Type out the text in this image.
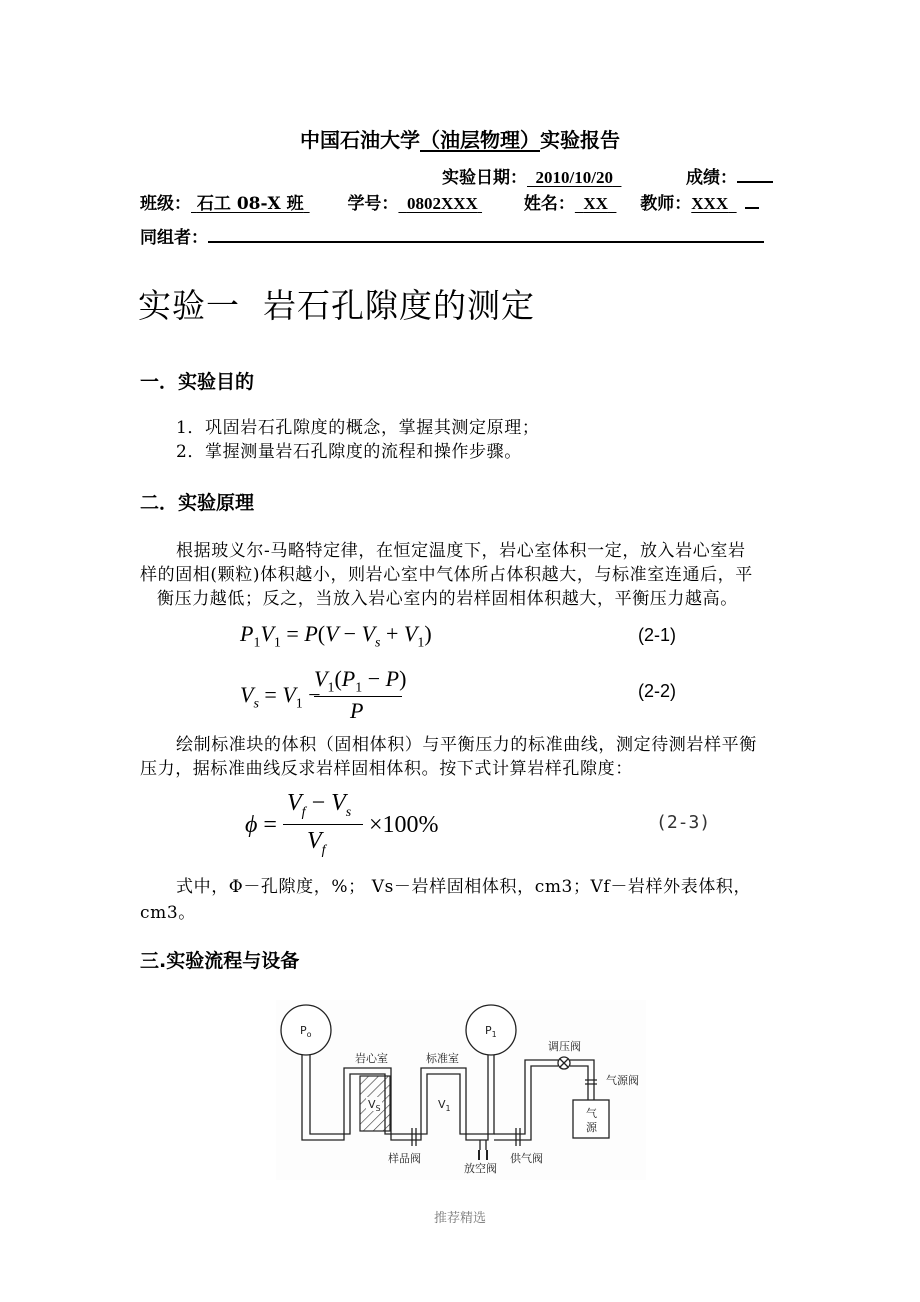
中国石油大学（油层物理）实验报告
实验日期： 2010/10/20	成绩：
班级： 石工 08-X 班	学号： 0802XXX	姓名： XX 教师：XXX
同组者：
实验一  岩石孔隙度的测定
一．实验目的
1．巩固岩石孔隙度的概念，掌握其测定原理；
2．掌握测量岩石孔隙度的流程和操作步骤。
二．实验原理
根据玻义尔-马略特定律，在恒定温度下，岩心室体积一定，放入岩心室岩
样的固相(颗粒)体积越小，则岩心室中气体所占体积越大，与标准室连通后，平
衡压力越低；反之，当放入岩心室内的岩样固相体积越大，平衡压力越高。
$P_1V_1 = P(V - V_s + V_1)$	(2-1)
$V_s = V_1$ −
$V_1(P_1 - P)$
P
(2-2)
绘制标准块的体积（固相体积）与平衡压力的标准曲线，测定待测岩样平衡
压力，据标准曲线反求岩样固相体积。按下式计算岩样孔隙度：
ϕ =
$V_f - V_s$
$V_f$
×100%	(2-3)
式中，Φ－孔隙度，%； Vs－岩样固相体积，cm3；Vf－岩样外表体积，
cm3。
三.实验流程与设备
$P_o$	$P_1$
岩心室	标准室
$V_S$	$V_1$
调压阀
气源阀
气
源
样品阀
放空阀
供气阀
推荐精选
